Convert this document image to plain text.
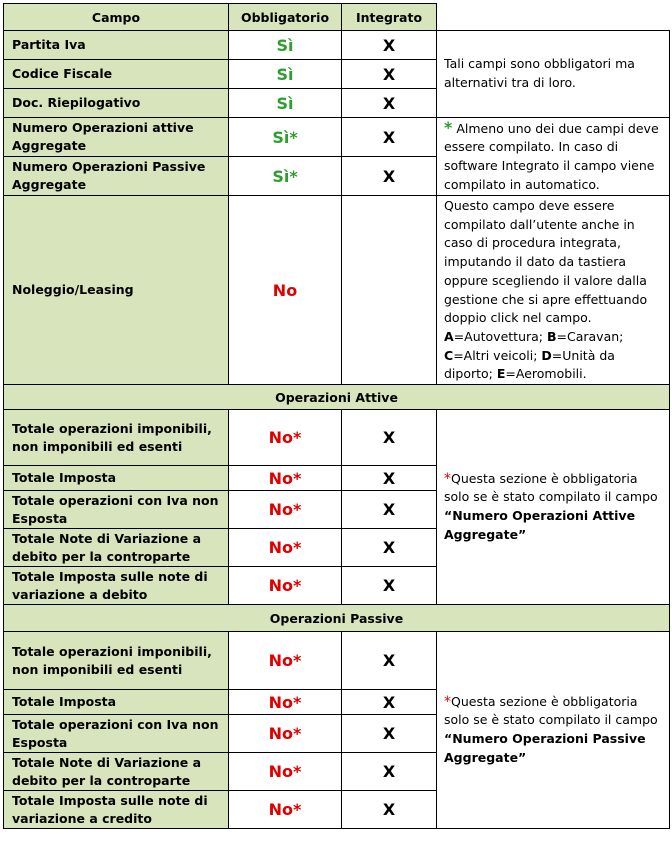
Campo	Obbligatorio	Integrato	
Partita Iva	Sì	X	Tali campi sono obbligatori ma alternativi tra di loro.
Codice Fiscale	Sì	X	
Doc. Riepilogativo	Sì	X	
Numero Operazioni attive Aggregate	Sì*	X	* Almeno uno dei due campi deve essere compilato. In caso di software Integrato il campo viene compilato in automatico.
Numero Operazioni Passive Aggregate	Sì*	X	
Noleggio/Leasing	No		Questo campo deve essere compilato dall’utente anche in caso di procedura integrata, imputando il dato da tastiera oppure scegliendo il valore dalla gestione che si apre effettuando doppio click nel campo.
A=Autovettura; B=Caravan;
C=Altri veicoli; D=Unità da diporto; E=Aeromobili.
Operazioni Attive			
Totale operazioni imponibili, non imponibili ed esenti	No*	X	*Questa sezione è obbligatoria solo se è stato compilato il campo “Numero Operazioni Attive Aggregate”
Totale Imposta	No*	X	
Totale operazioni con Iva non Esposta	No*	X	
Totale Note di Variazione a debito per la controparte	No*	X	
Totale Imposta sulle note di variazione a debito	No*	X	
Operazioni Passive			
Totale operazioni imponibili, non imponibili ed esenti	No*	X	*Questa sezione è obbligatoria solo se è stato compilato il campo “Numero Operazioni Passive Aggregate”
Totale Imposta	No*	X	
Totale operazioni con Iva non Esposta	No*	X	
Totale Note di Variazione a debito per la controparte	No*	X	
Totale Imposta sulle note di variazione a credito	No*	X	
